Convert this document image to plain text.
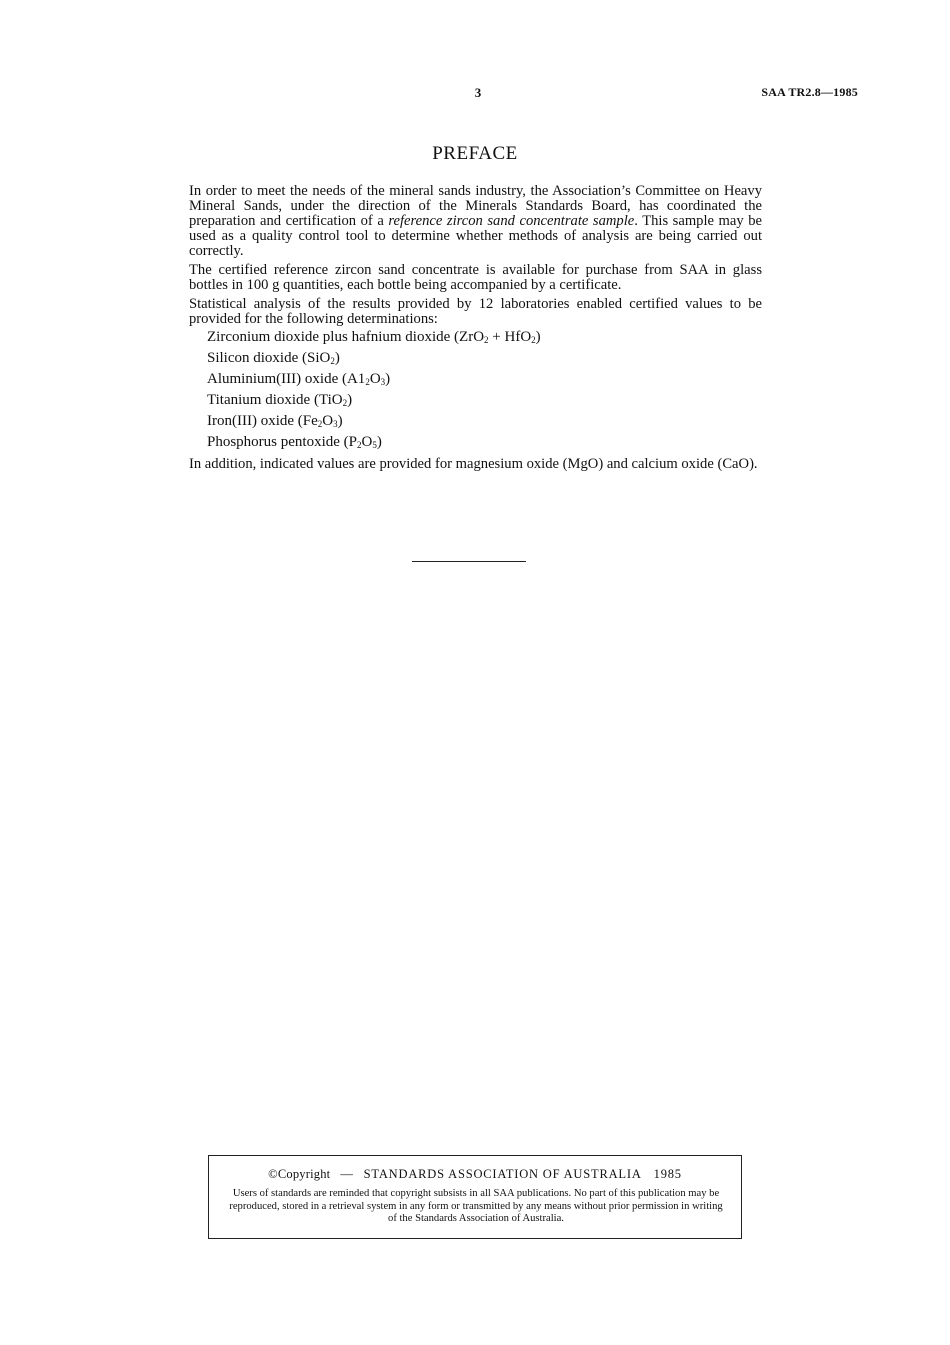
3	SAA TR2.8—1985
PREFACE

In order to meet the needs of the mineral sands industry, the Association’s Committee on Heavy Mineral Sands, under the direction of the Minerals Standards Board, has coordinated the preparation and certification of a reference zircon sand concentrate sample. This sample may be used as a quality control tool to determine whether methods of analysis are being carried out correctly.

The certified reference zircon sand concentrate is available for purchase from SAA in glass bottles in 100 g quantities, each bottle being accompanied by a certificate.

Statistical analysis of the results provided by 12 laboratories enabled certified values to be provided for the following determinations:

Zirconium dioxide plus hafnium dioxide (ZrO$_2$ + HfO$_2$)
Silicon dioxide (SiO$_2$)
Aluminium(III) oxide $(A1_2O_3)$
Titanium dioxide (TiO$_2$)
Iron(III) oxide $(Fe_2O_3)$
Phosphorus pentoxide $(P_2O_5)$

In addition, indicated values are provided for magnesium oxide (MgO) and calcium oxide (CaO).

©Copyright — STANDARDS ASSOCIATION OF AUSTRALIA 1985
Users of standards are reminded that copyright subsists in all SAA publications. No part of this publication may be reproduced, stored in a retrieval system in any form or transmitted by any means without prior permission in writing of the Standards Association of Australia.
